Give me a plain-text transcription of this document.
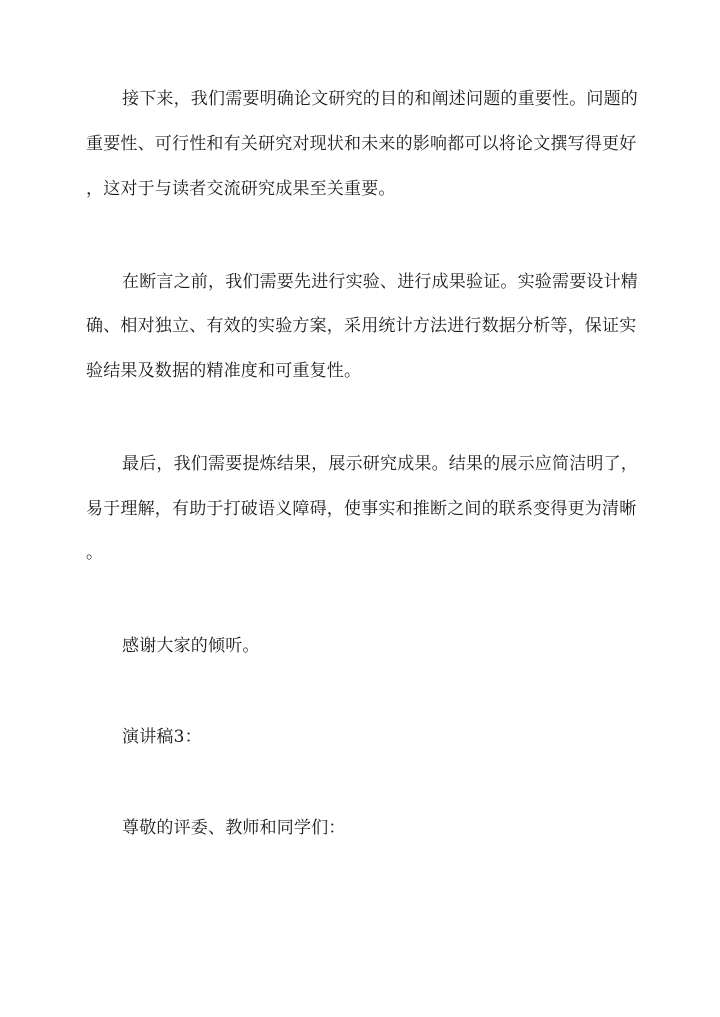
接下来，我们需要明确论文研究的目的和阐述问题的重要性。问题的
重要性、可行性和有关研究对现状和未来的影响都可以将论文撰写得更好
，这对于与读者交流研究成果至关重要。
在断言之前，我们需要先进行实验、进行成果验证。实验需要设计精
确、相对独立、有效的实验方案，采用统计方法进行数据分析等，保证实
验结果及数据的精准度和可重复性。
最后，我们需要提炼结果，展示研究成果。结果的展示应简洁明了，
易于理解，有助于打破语义障碍，使事实和推断之间的联系变得更为清晰
。
感谢大家的倾听。
演讲稿3：
尊敬的评委、教师和同学们：
